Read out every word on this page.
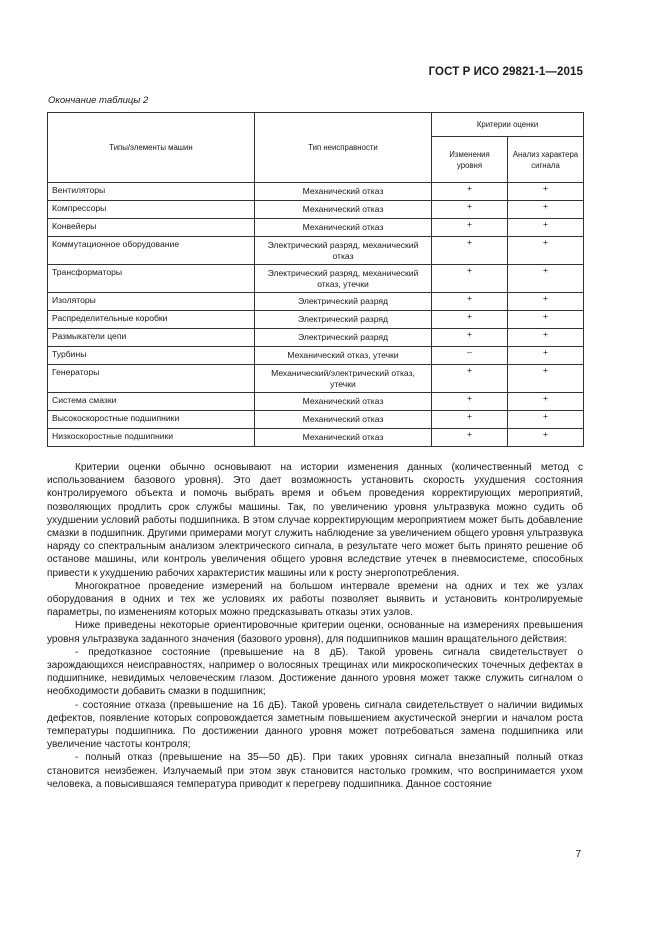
ГОСТ Р ИСО 29821-1—2015
Окончание таблицы 2
Типы/элементы машин	Тип неисправности	Критерии оценки	
		Изменения уровня	Анализ характера сигнала
Вентиляторы	Механический отказ	+	+
Компрессоры	Механический отказ	+	+
Конвейеры	Механический отказ	+	+
Коммутационное оборудование	Электрический разряд, механический отказ	+	+
Трансформаторы	Электрический разряд, механический отказ, утечки	+	+
Изоляторы	Электрический разряд	+	+
Распределительные коробки	Электрический разряд	+	+
Размыкатели цепи	Электрический разряд	+	+
Турбины	Механический отказ, утечки	–	+
Генераторы	Механический/электрический отказ, утечки	+	+
Система смазки	Механический отказ	+	+
Высокоскоростные подшипники	Механический отказ	+	+
Низкоскоростные подшипники	Механический отказ	+	+

Критерии оценки обычно основывают на истории изменения данных (количественный метод с использованием базового уровня). Это дает возможность установить скорость ухудшения состояния контролируемого объекта и помочь выбрать время и объем проведения корректирующих мероприятий, позволяющих продлить срок службы машины. Так, по увеличению уровня ультразвука можно судить об ухудшении условий работы подшипника. В этом случае корректирующим мероприятием может быть добавление смазки в подшипник. Другими примерами могут служить наблюдение за увеличением общего уровня ультразвука наряду со спектральным анализом электрического сигнала, в результате чего может быть принято решение об останове машины, или контроль увеличения общего уровня вследствие утечек в пневмосистеме, способных привести к ухудшению рабочих характеристик машины или к росту энергопотребления.

Многократное проведение измерений на большом интервале времени на одних и тех же узлах оборудования в одних и тех же условиях их работы позволяет выявить и установить контролируемые параметры, по изменениям которых можно предсказывать отказы этих узлов.

Ниже приведены некоторые ориентировочные критерии оценки, основанные на измерениях превышения уровня ультразвука заданного значения (базового уровня), для подшипников машин вращательного действия:

- предотказное состояние (превышение на 8 дБ). Такой уровень сигнала свидетельствует о зарождающихся неисправностях, например о волосяных трещинах или микроскопических точечных дефектах в подшипнике, невидимых человеческим глазом. Достижение данного уровня может также служить сигналом о необходимости добавить смазки в подшипник;

- состояние отказа (превышение на 16 дБ). Такой уровень сигнала свидетельствует о наличии видимых дефектов, появление которых сопровождается заметным повышением акустической энергии и началом роста температуры подшипника. По достижении данного уровня может потребоваться замена подшипника или увеличение частоты контроля;

- полный отказ (превышение на 35—50 дБ). При таких уровнях сигнала внезапный полный отказ становится неизбежен. Излучаемый при этом звук становится настолько громким, что воспринимается ухом человека, а повысившаяся температура приводит к перегреву подшипника. Данное состояние

7
